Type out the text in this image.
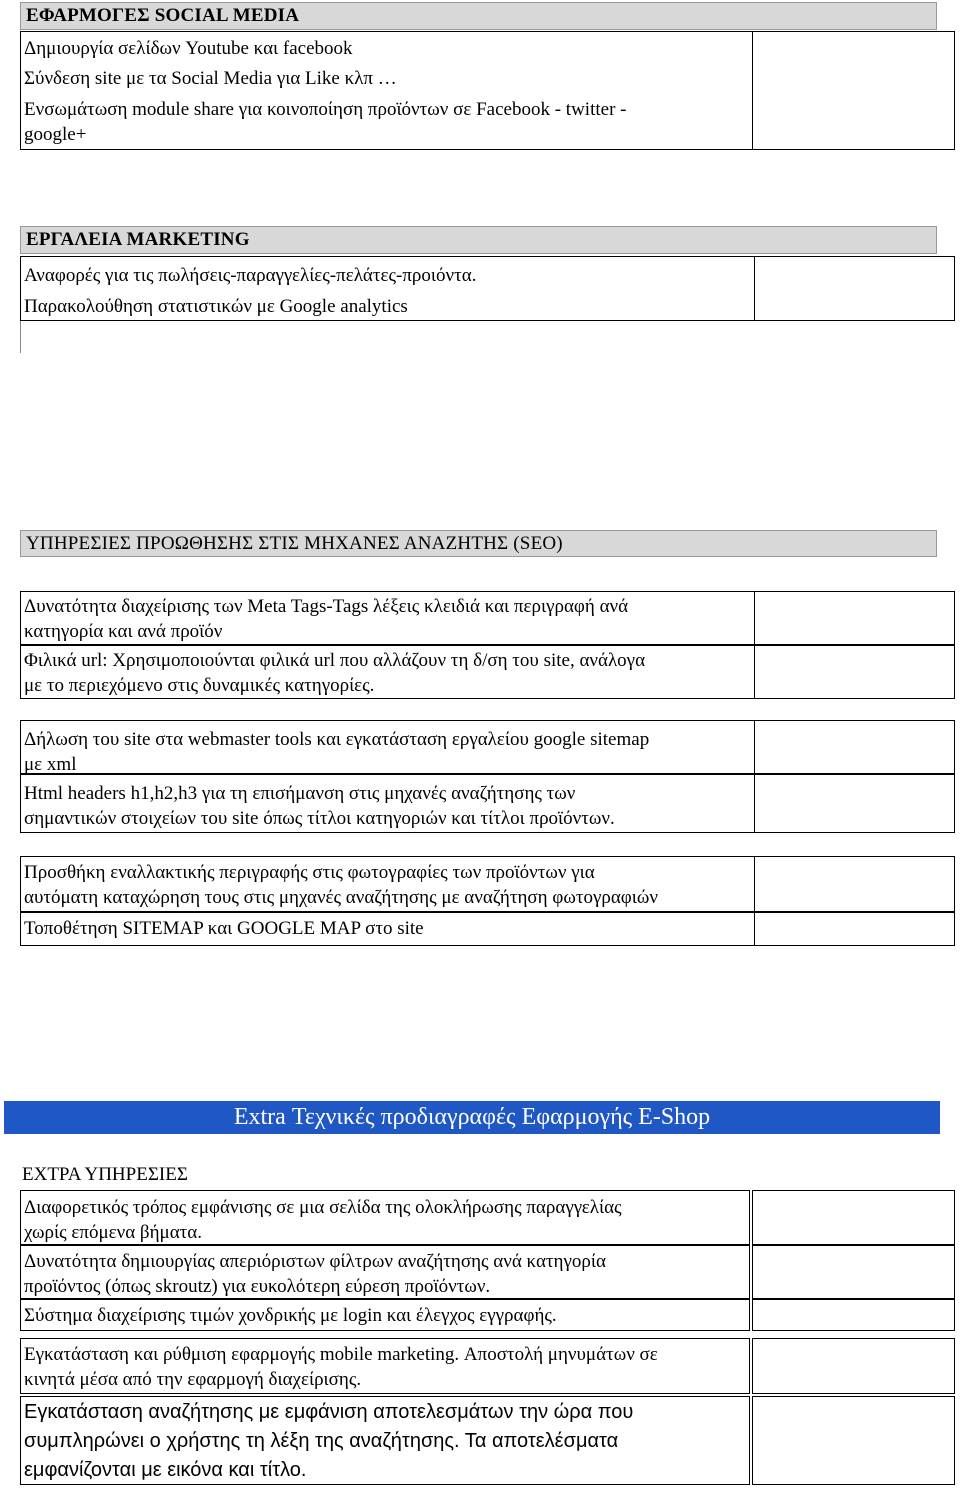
ΕΦΑΡΜΟΓΕΣ SOCIAL MEDIA
Δημιουργία σελίδων Youtube και facebook
Σύνδεση site με τα Social Media για Like κλπ …
Ενσωμάτωση module share για κοινοποίηση προϊόντων σε Facebook - twitter -
google+
ΕΡΓΑΛΕΙΑ MARKETING
Αναφορές για τις πωλήσεις-παραγγελίες-πελάτες-προιόντα.
Παρακολούθηση στατιστικών με Google analytics
ΥΠΗΡΕΣΙΕΣ ΠΡΟΩΘΗΣΗΣ ΣΤΙΣ ΜΗΧΑΝΕΣ ΑΝΑΖΗΤΗΣ (SEO)
Δυνατότητα διαχείρισης των Meta Tags-Tags λέξεις κλειδιά και περιγραφή ανά
κατηγορία και ανά προϊόν
Φιλικά url: Χρησιμοποιούνται φιλικά url που αλλάζουν τη δ/ση του site, ανάλογα
με το περιεχόμενο στις δυναμικές κατηγορίες.
Δήλωση του site στα webmaster tools και εγκατάσταση εργαλείου google sitemap
με xml
Html headers h1,h2,h3 για τη επισήμανση στις μηχανές αναζήτησης των
σημαντικών στοιχείων του site όπως τίτλοι κατηγοριών και τίτλοι προϊόντων.
Προσθήκη εναλλακτικής περιγραφής στις φωτογραφίες των προϊόντων για
αυτόματη καταχώρηση τους στις μηχανές αναζήτησης με αναζήτηση φωτογραφιών
Τοποθέτηση SITEMAP και GOOGLE MAP στο site
Extra Τεχνικές προδιαγραφές Εφαρμογής E-Shop
ΕΧΤΡΑ ΥΠΗΡΕΣΙΕΣ
Διαφορετικός τρόπος εμφάνισης σε μια σελίδα της ολοκλήρωσης παραγγελίας
χωρίς επόμενα βήματα.
Δυνατότητα δημιουργίας απεριόριστων φίλτρων αναζήτησης ανά κατηγορία
προϊόντος (όπως skroutz) για ευκολότερη εύρεση προϊόντων.
Σύστημα διαχείρισης τιμών χονδρικής με login και έλεγχος εγγραφής.
Εγκατάσταση και ρύθμιση εφαρμογής mobile marketing. Αποστολή μηνυμάτων σε
κινητά μέσα από την εφαρμογή διαχείρισης.
Εγκατάσταση αναζήτησης με εμφάνιση αποτελεσμάτων την ώρα που
συμπληρώνει ο χρήστης τη λέξη της αναζήτησης. Τα αποτελέσματα
εμφανίζονται με εικόνα και τίτλο.
